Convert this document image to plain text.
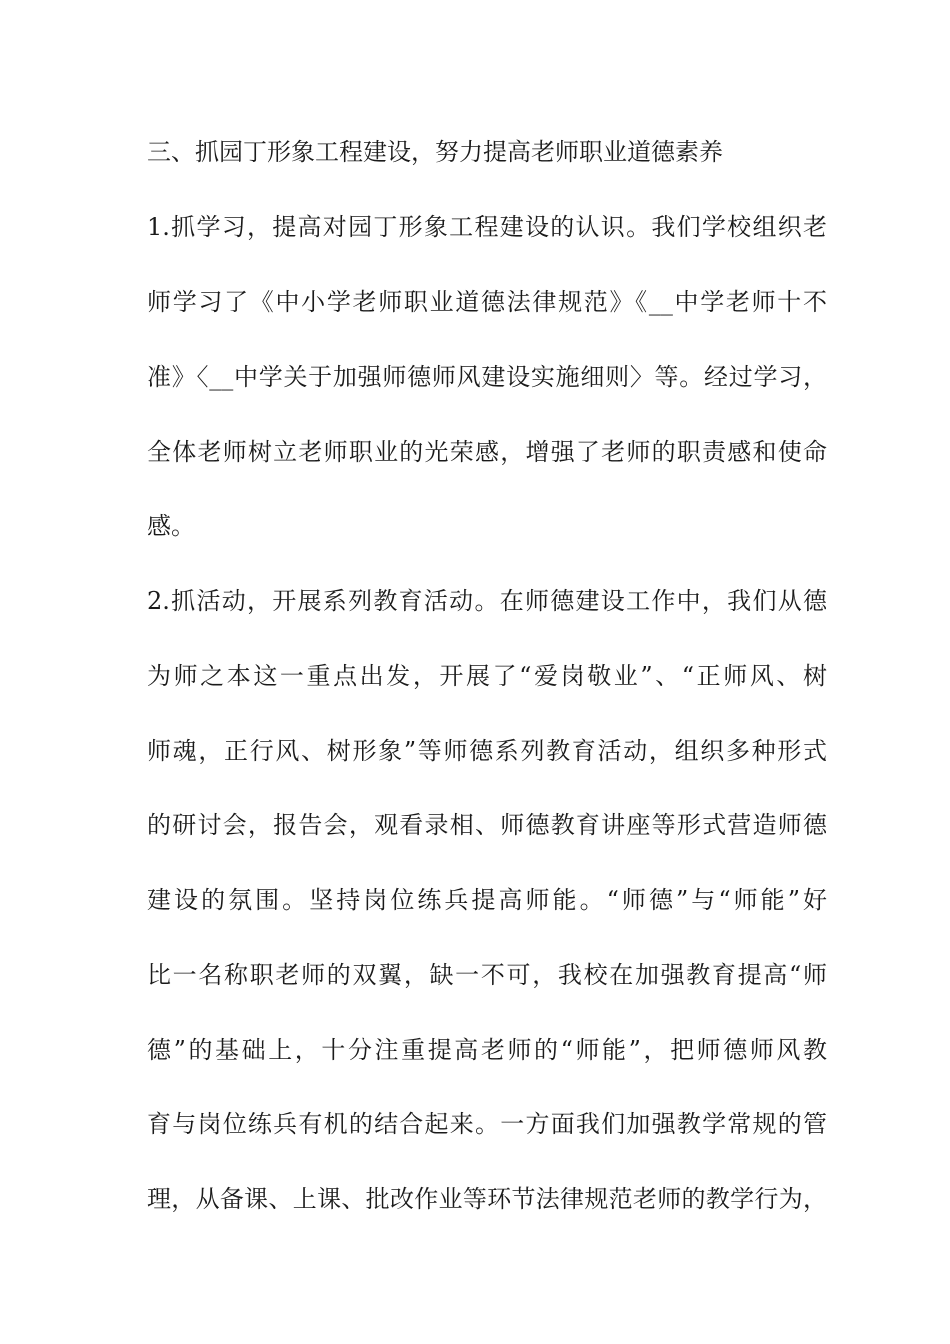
三、抓园丁形象工程建设，努力提高老师职业道德素养
1.抓学习，提高对园丁形象工程建设的认识。我们学校组织老
师学习了《中小学老师职业道德法律规范》《__中学老师十不
准》〈__中学关于加强师德师风建设实施细则〉等。经过学习，
全体老师树立老师职业的光荣感，增强了老师的职责感和使命
感。
2.抓活动，开展系列教育活动。在师德建设工作中，我们从德
为师之本这一重点出发，开展了“爱岗敬业”、“正师风、树
师魂，正行风、树形象”等师德系列教育活动，组织多种形式
的研讨会，报告会，观看录相、师德教育讲座等形式营造师德
建设的氛围。坚持岗位练兵提高师能。“师德”与“师能”好
比一名称职老师的双翼，缺一不可，我校在加强教育提高“师
德”的基础上，十分注重提高老师的“师能”，把师德师风教
育与岗位练兵有机的结合起来。一方面我们加强教学常规的管
理，从备课、上课、批改作业等环节法律规范老师的教学行为，
